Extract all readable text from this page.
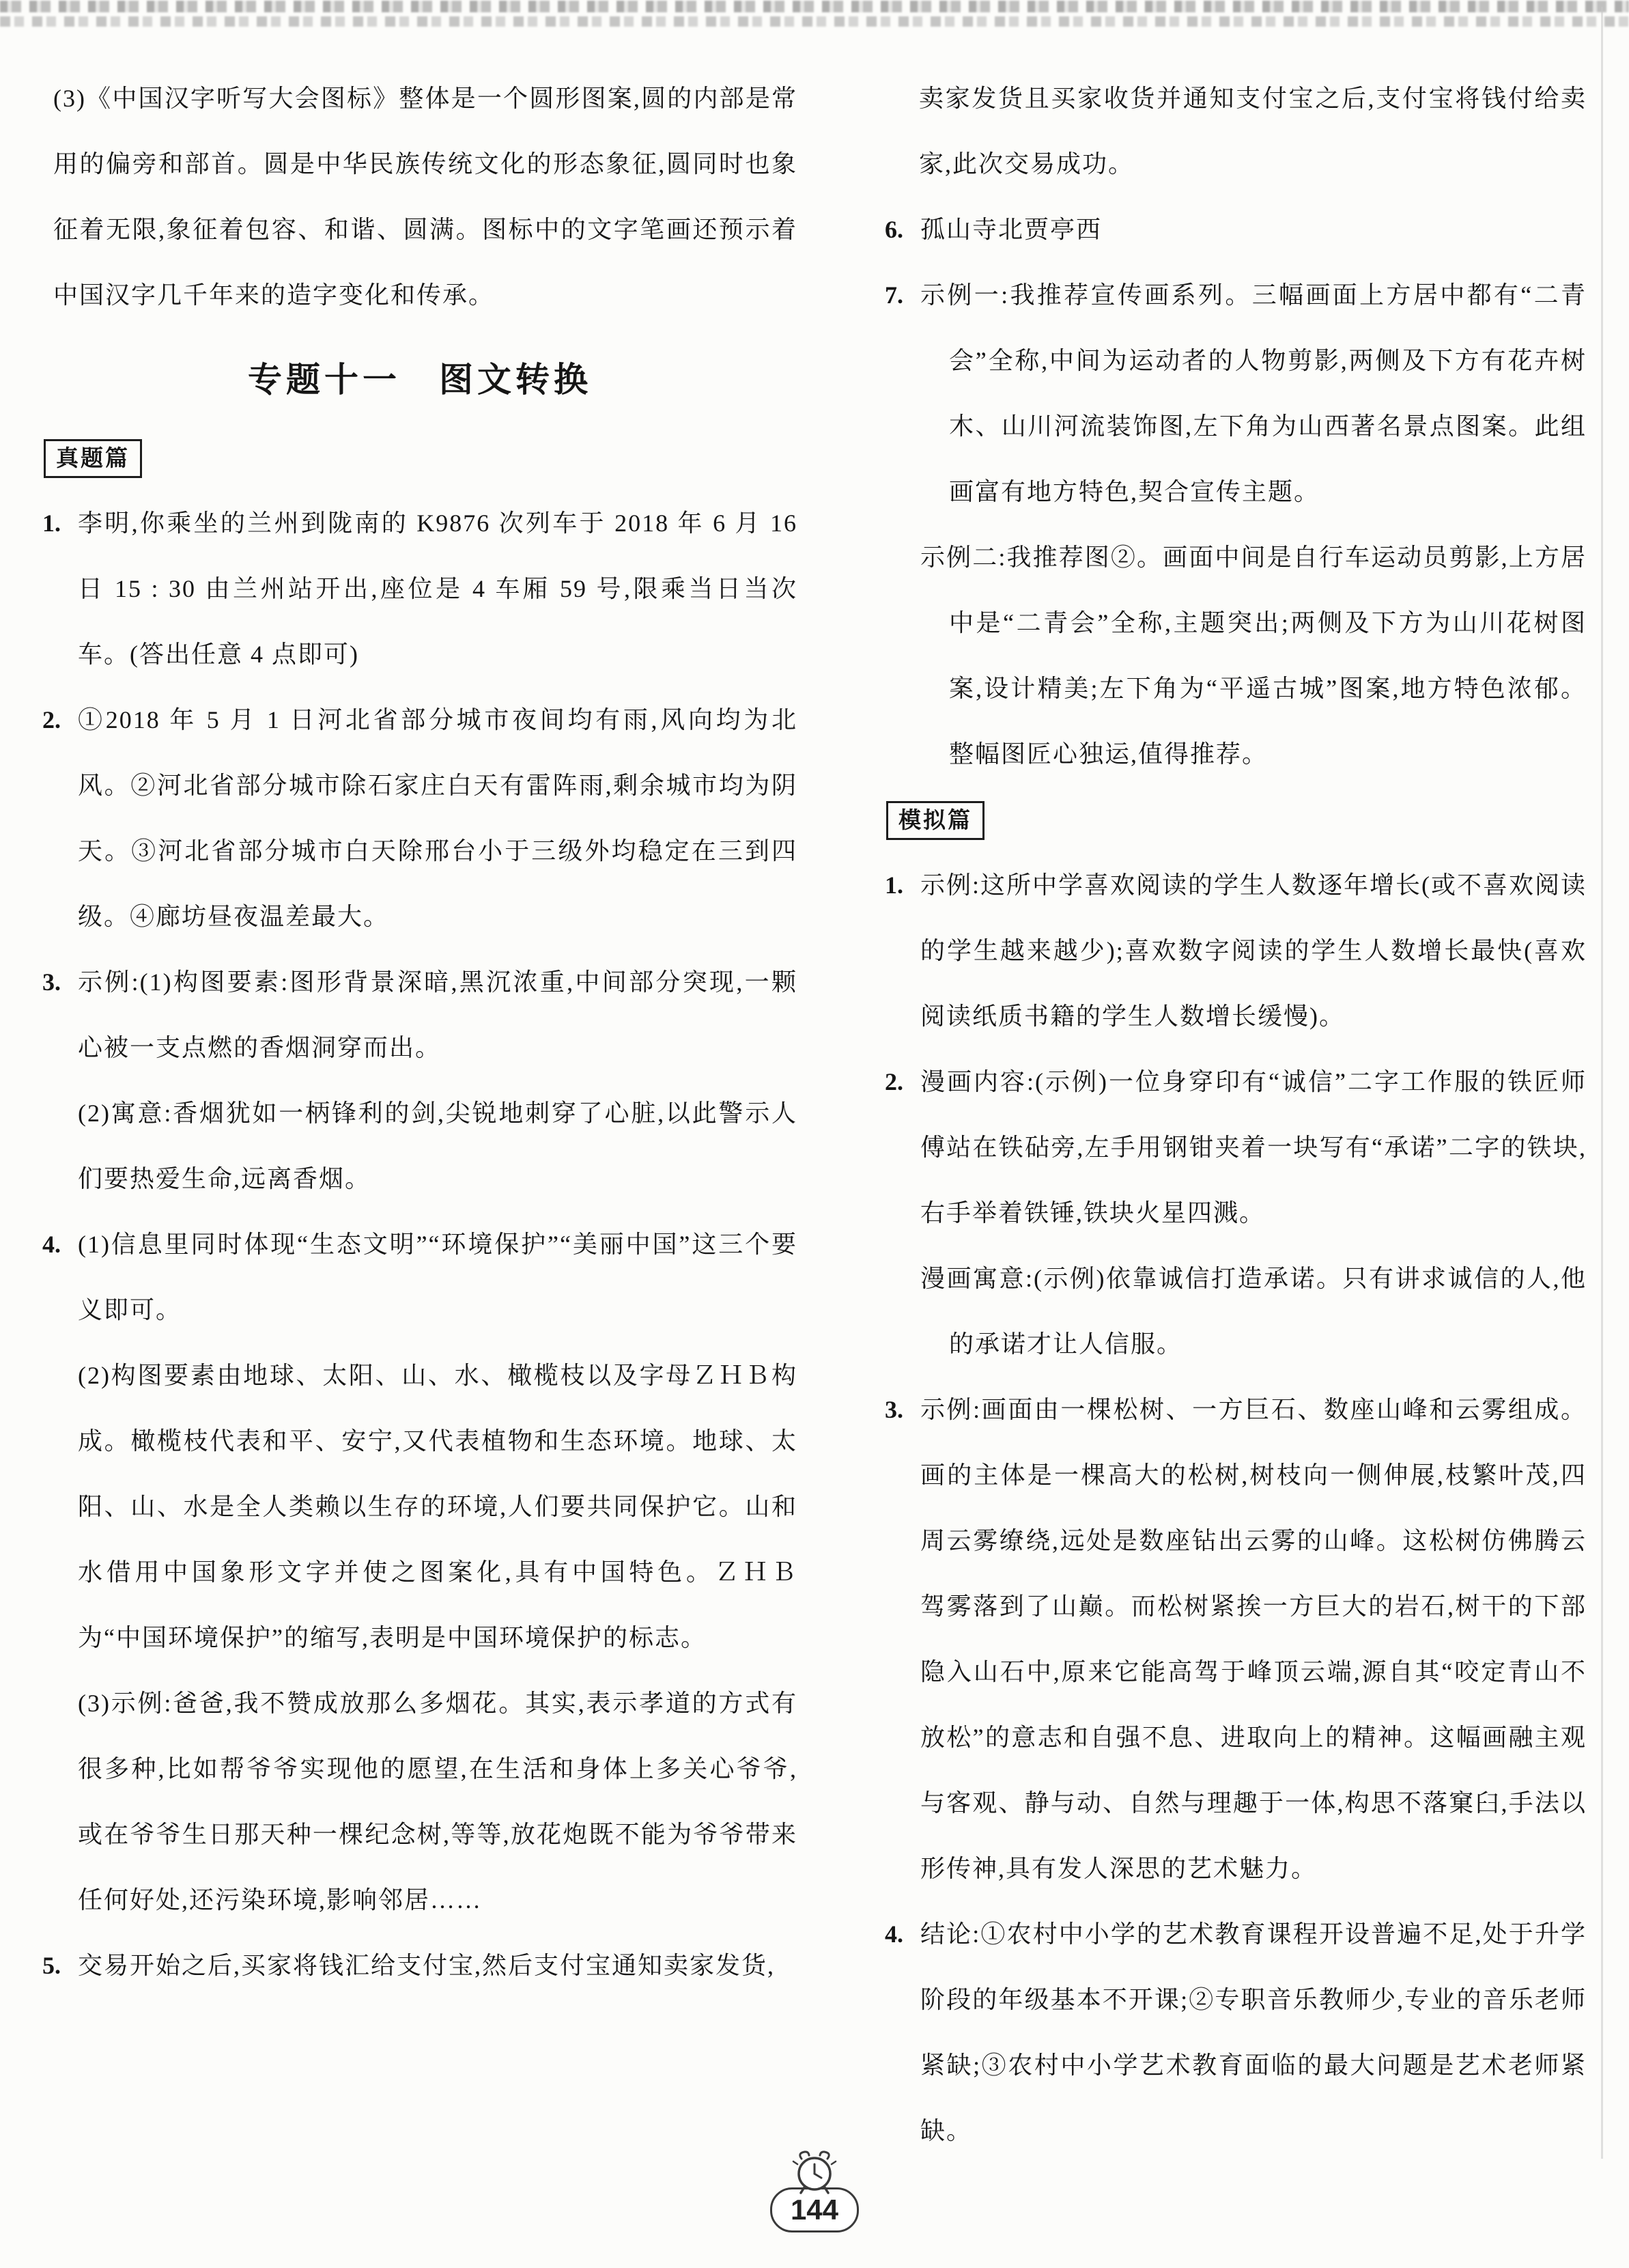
(3)《中国汉字听写大会图标》整体是一个圆形图案,圆的内部是常用的偏旁和部首。圆是中华民族传统文化的形态象征,圆同时也象征着无限,象征着包容、和谐、圆满。图标中的文字笔画还预示着中国汉字几千年来的造字变化和传承。

专题十一　图文转换
真题篇
1. 李明,你乘坐的兰州到陇南的 K9876 次列车于 2018 年 6 月 16 日 15 : 30 由兰州站开出,座位是 4 车厢 59 号,限乘当日当次车。(答出任意 4 点即可)

2. ①2018 年 5 月 1 日河北省部分城市夜间均有雨,风向均为北风。②河北省部分城市除石家庄白天有雷阵雨,剩余城市均为阴天。③河北省部分城市白天除邢台小于三级外均稳定在三到四级。④廊坊昼夜温差最大。

3. 示例:(1)构图要素:图形背景深暗,黑沉浓重,中间部分突现,一颗心被一支点燃的香烟洞穿而出。

(2)寓意:香烟犹如一柄锋利的剑,尖锐地刺穿了心脏,以此警示人们要热爱生命,远离香烟。

4. (1)信息里同时体现“生态文明”“环境保护”“美丽中国”这三个要义即可。

(2)构图要素由地球、太阳、山、水、橄榄枝以及字母ＺＨＢ构成。橄榄枝代表和平、安宁,又代表植物和生态环境。地球、太阳、山、水是全人类赖以生存的环境,人们要共同保护它。山和水借用中国象形文字并使之图案化,具有中国特色。ＺＨＢ为“中国环境保护”的缩写,表明是中国环境保护的标志。

(3)示例:爸爸,我不赞成放那么多烟花。其实,表示孝道的方式有很多种,比如帮爷爷实现他的愿望,在生活和身体上多关心爷爷,或在爷爷生日那天种一棵纪念树,等等,放花炮既不能为爷爷带来任何好处,还污染环境,影响邻居……

5. 交易开始之后,买家将钱汇给支付宝,然后支付宝通知卖家发货,

卖家发货且买家收货并通知支付宝之后,支付宝将钱付给卖家,此次交易成功。

6. 孤山寺北贾亭西

7. 示例一:我推荐宣传画系列。三幅画面上方居中都有“二青会”全称,中间为运动者的人物剪影,两侧及下方有花卉树木、山川河流装饰图,左下角为山西著名景点图案。此组画富有地方特色,契合宣传主题。

示例二:我推荐图②。画面中间是自行车运动员剪影,上方居中是“二青会”全称,主题突出;两侧及下方为山川花树图案,设计精美;左下角为“平遥古城”图案,地方特色浓郁。整幅图匠心独运,值得推荐。

模拟篇
1. 示例:这所中学喜欢阅读的学生人数逐年增长(或不喜欢阅读的学生越来越少);喜欢数字阅读的学生人数增长最快(喜欢阅读纸质书籍的学生人数增长缓慢)。

2. 漫画内容:(示例)一位身穿印有“诚信”二字工作服的铁匠师傅站在铁砧旁,左手用钢钳夹着一块写有“承诺”二字的铁块,右手举着铁锤,铁块火星四溅。

漫画寓意:(示例)依靠诚信打造承诺。只有讲求诚信的人,他的承诺才让人信服。

3. 示例:画面由一棵松树、一方巨石、数座山峰和云雾组成。画的主体是一棵高大的松树,树枝向一侧伸展,枝繁叶茂,四周云雾缭绕,远处是数座钻出云雾的山峰。这松树仿佛腾云驾雾落到了山巅。而松树紧挨一方巨大的岩石,树干的下部隐入山石中,原来它能高驾于峰顶云端,源自其“咬定青山不放松”的意志和自强不息、进取向上的精神。这幅画融主观与客观、静与动、自然与理趣于一体,构思不落窠臼,手法以形传神,具有发人深思的艺术魅力。

4. 结论:①农村中小学的艺术教育课程开设普遍不足,处于升学阶段的年级基本不开课;②专职音乐教师少,专业的音乐老师紧缺;③农村中小学艺术教育面临的最大问题是艺术老师紧缺。

144
